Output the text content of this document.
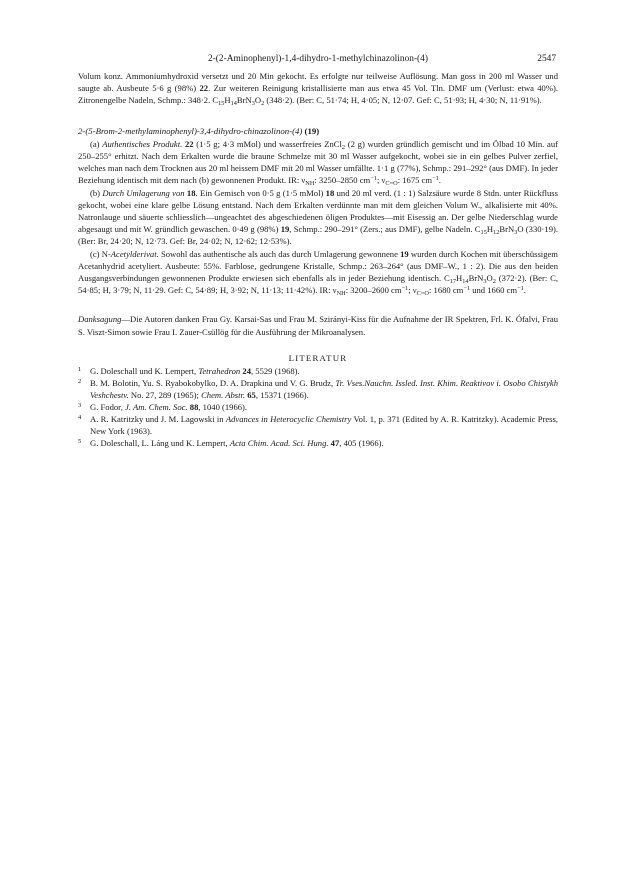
2-(2-Aminophenyl)-1,4-dihydro-1-methylchinazolinon-(4)	2547

Volum konz. Ammoniumhydroxid versetzt und 20 Min gekocht. Es erfolgte nur teilweise Auflösung. Man goss in 200 ml Wasser und saugte ab. Ausbeute 5·6 g (98%) 22. Zur weiteren Reinigung kristallisierte man aus etwa 45 Vol. Tln. DMF um (Verlust: etwa 40%). Zitronengelbe Nadeln, Schmp.: 348·2. $C_{15}H_{14}BrN_3O_2$ (348·2). (Ber: C, 51·74; H, 4·05; N, 12·07. Gef: C, 51·93; H, 4·30; N, 11·91%).

2-(5-Brom-2-methylaminophenyl)-3,4-dihydro-chinazolinon-(4) (19)

(a) Authentisches Produkt. 22 (1·5 g; 4·3 mMol) und wasserfreies ZnCl$_2$ (2 g) wurden gründlich gemischt und im Ölbad 10 Min. auf 250–255° erhitzt. Nach dem Erkalten wurde die braune Schmelze mit 30 ml Wasser aufgekocht, wobei sie in ein gelbes Pulver zerfiel, welches man nach dem Trocknen aus 20 ml heissem DMF mit 20 ml Wasser umfällte. 1·1 g (77%), Schmp.: 291–292° (aus DMF). In jeder Beziehung identisch mit dem nach (b) gewonnenen Produkt. IR: $\nu_{NH}$: 3250–2850 $cm^{-1}$; $\nu_{C=O}$: 1675 $cm^{-1}$.

(b) Durch Umlagerung von 18. Ein Gemisch von 0·5 g (1·5 mMol) 18 und 20 ml verd. (1 : 1) Salzsäure wurde 8 Stdn. unter Rückfluss gekocht, wobei eine klare gelbe Lösung entstand. Nach dem Erkalten verdünnte man mit dem gleichen Volum W., alkalisierte mit 40%. Natronlauge und säuerte schliesslich—ungeachtet des abgeschiedenen öligen Produktes—mit Eisessig an. Der gelbe Niederschlag wurde abgesaugt und mit W. gründlich gewaschen. 0·49 g (98%) 19, Schmp.: 290–291° (Zers.; aus DMF), gelbe Nadeln. $C_{15}H_{12}BrN_3O$ (330·19). (Ber: Br, 24·20; N, 12·73. Gef: Br, 24·02; N, 12·62; 12·53%).

(c) N-Acetylderivat. Sowohl das authentische als auch das durch Umlagerung gewonnene 19 wurden durch Kochen mit überschüssigem Acetanhydrid acetyliert. Ausbeute: 55%. Farblose, gedrungene Kristalle, Schmp.: 263–264° (aus DMF–W., 1 : 2). Die aus den beiden Ausgangsverbindungen gewonnenen Produkte erwiesen sich ebenfalls als in jeder Beziehung identisch. $C_{17}H_{14}BrN_3O_2$ (372·2). (Ber: C, 54·85; H, 3·79; N, 11·29. Gef: C, 54·89; H, 3·92; N, 11·13; 11·42%). IR: $\nu_{NH}$: 3200–2600 $cm^{-1}$; $\nu_{C=O}$: 1680 $cm^{-1}$ und 1660 $cm^{-1}$.

Danksagung—Die Autoren danken Frau Gy. Karsai-Sas und Frau M. Szirányi-Kiss für die Aufnahme der IR Spektren, Frl. K. Ófalvi, Frau S. Viszt-Simon sowie Frau I. Zauer-Csüllög für die Ausführung der Mikroanalysen.

LITERATUR
1 G. Doleschall und K. Lempert, Tetrahedron 24, 5529 (1968).
2 B. M. Bolotin, Yu. S. Ryabokobylko, D. A. Drapkina und V. G. Brudz, Tr. Vses.Nauchn. Issled. Inst. Khim. Reaktivov i. Osobo Chistykh Veshchestv. No. 27, 289 (1965); Chem. Abstr. 65, 15371 (1966).
3 G. Fodor, J. Am. Chem. Soc. 88, 1040 (1966).
4 A. R. Katritzky und J. M. Lagowski in Advances in Heterocyclic Chemistry Vol. 1, p. 371 (Edited by A. R. Katritzky). Academic Press, New York (1963).
5 G. Doleschall, L. Láng und K. Lempert, Acta Chim. Acad. Sci. Hung. 47, 405 (1966).
